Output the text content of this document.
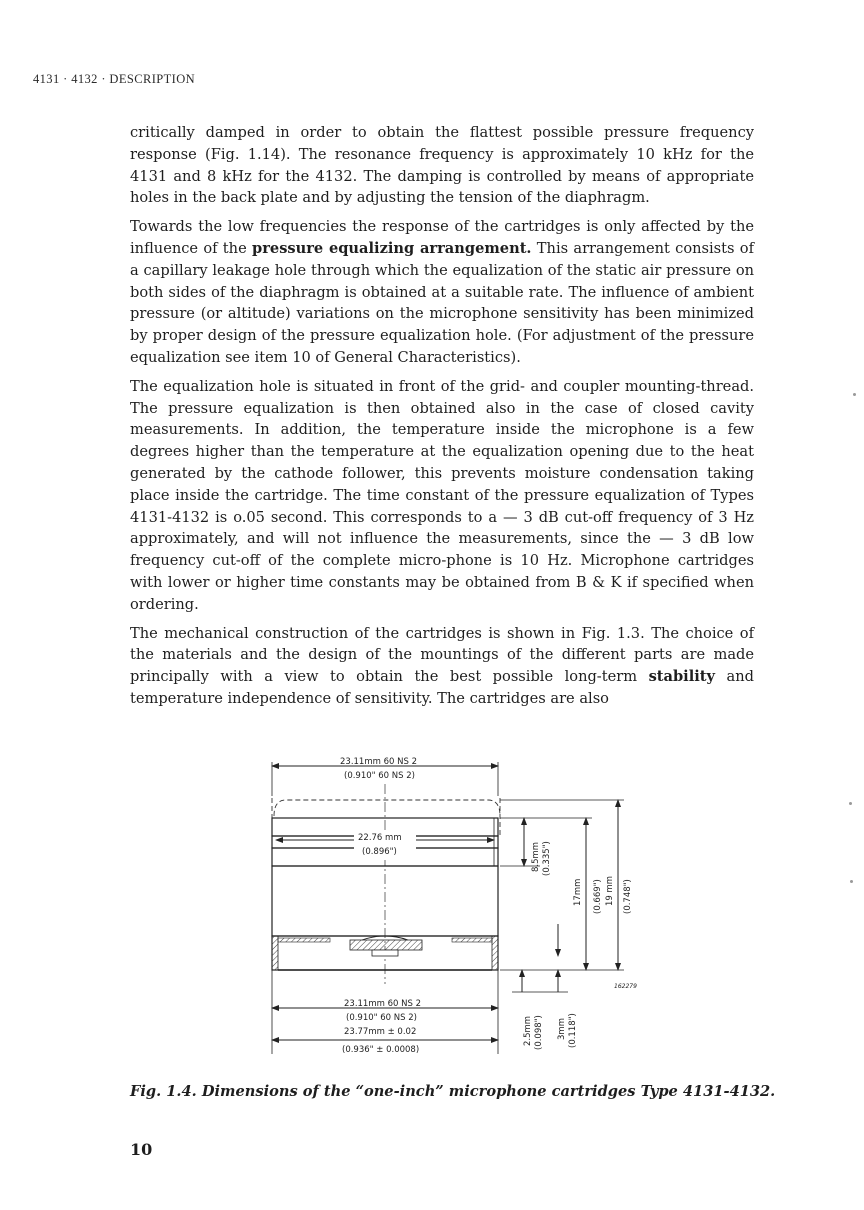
4131 · 4132 · DESCRIPTION

critically damped in order to obtain the flattest possible pressure frequency response (Fig. 1.14). The resonance frequency is approximately 10 kHz for the 4131 and 8 kHz for the 4132. The damping is controlled by means of appropriate holes in the back plate and by adjusting the tension of the diaphragm.

Towards the low frequencies the response of the cartridges is only affected by the influence of the pressure equalizing arrangement. This arrangement consists of a capillary leakage hole through which the equalization of the static air pressure on both sides of the diaphragm is obtained at a suitable rate. The influence of ambient pressure (or altitude) variations on the microphone sensitivity has been minimized by proper design of the pressure equalization hole. (For adjustment of the pressure equalization see item 10 of General Characteristics).

The equalization hole is situated in front of the grid- and coupler mounting-thread. The pressure equalization is then obtained also in the case of closed cavity measurements. In addition, the temperature inside the microphone is a few degrees higher than the temperature at the equalization opening due to the heat generated by the cathode follower, this prevents moisture condensation taking place inside the cartridge. The time constant of the pressure equalization of Types 4131-4132 is o.05 second. This corresponds to a — 3 dB cut-off frequency of 3 Hz approximately, and will not influence the measurements, since the — 3 dB low frequency cut-off of the complete micro-phone is 10 Hz. Microphone cartridges with lower or higher time constants may be obtained from B & K if specified when ordering.

The mechanical construction of the cartridges is shown in Fig. 1.3. The choice of the materials and the design of the mountings of the different parts are made principally with a view to obtain the best possible long-term stability and temperature independence of sensitivity. The cartridges are also

23.11mm 60 NS 2
(0.910" 60 NS 2)
22.76 mm
(0.896")	8.5mm (0.335")
17mm (0.669") 19 mm (0.748")
162279
2.5mm (0.098") 3mm (0.118")
23.11mm 60 NS 2
(0.910" 60 NS 2)
23.77mm ± 0.02
(0.936" ± 0.0008)
Fig. 1.4. Dimensions of the “one-inch” microphone cartridges Type 4131-4132.
10
